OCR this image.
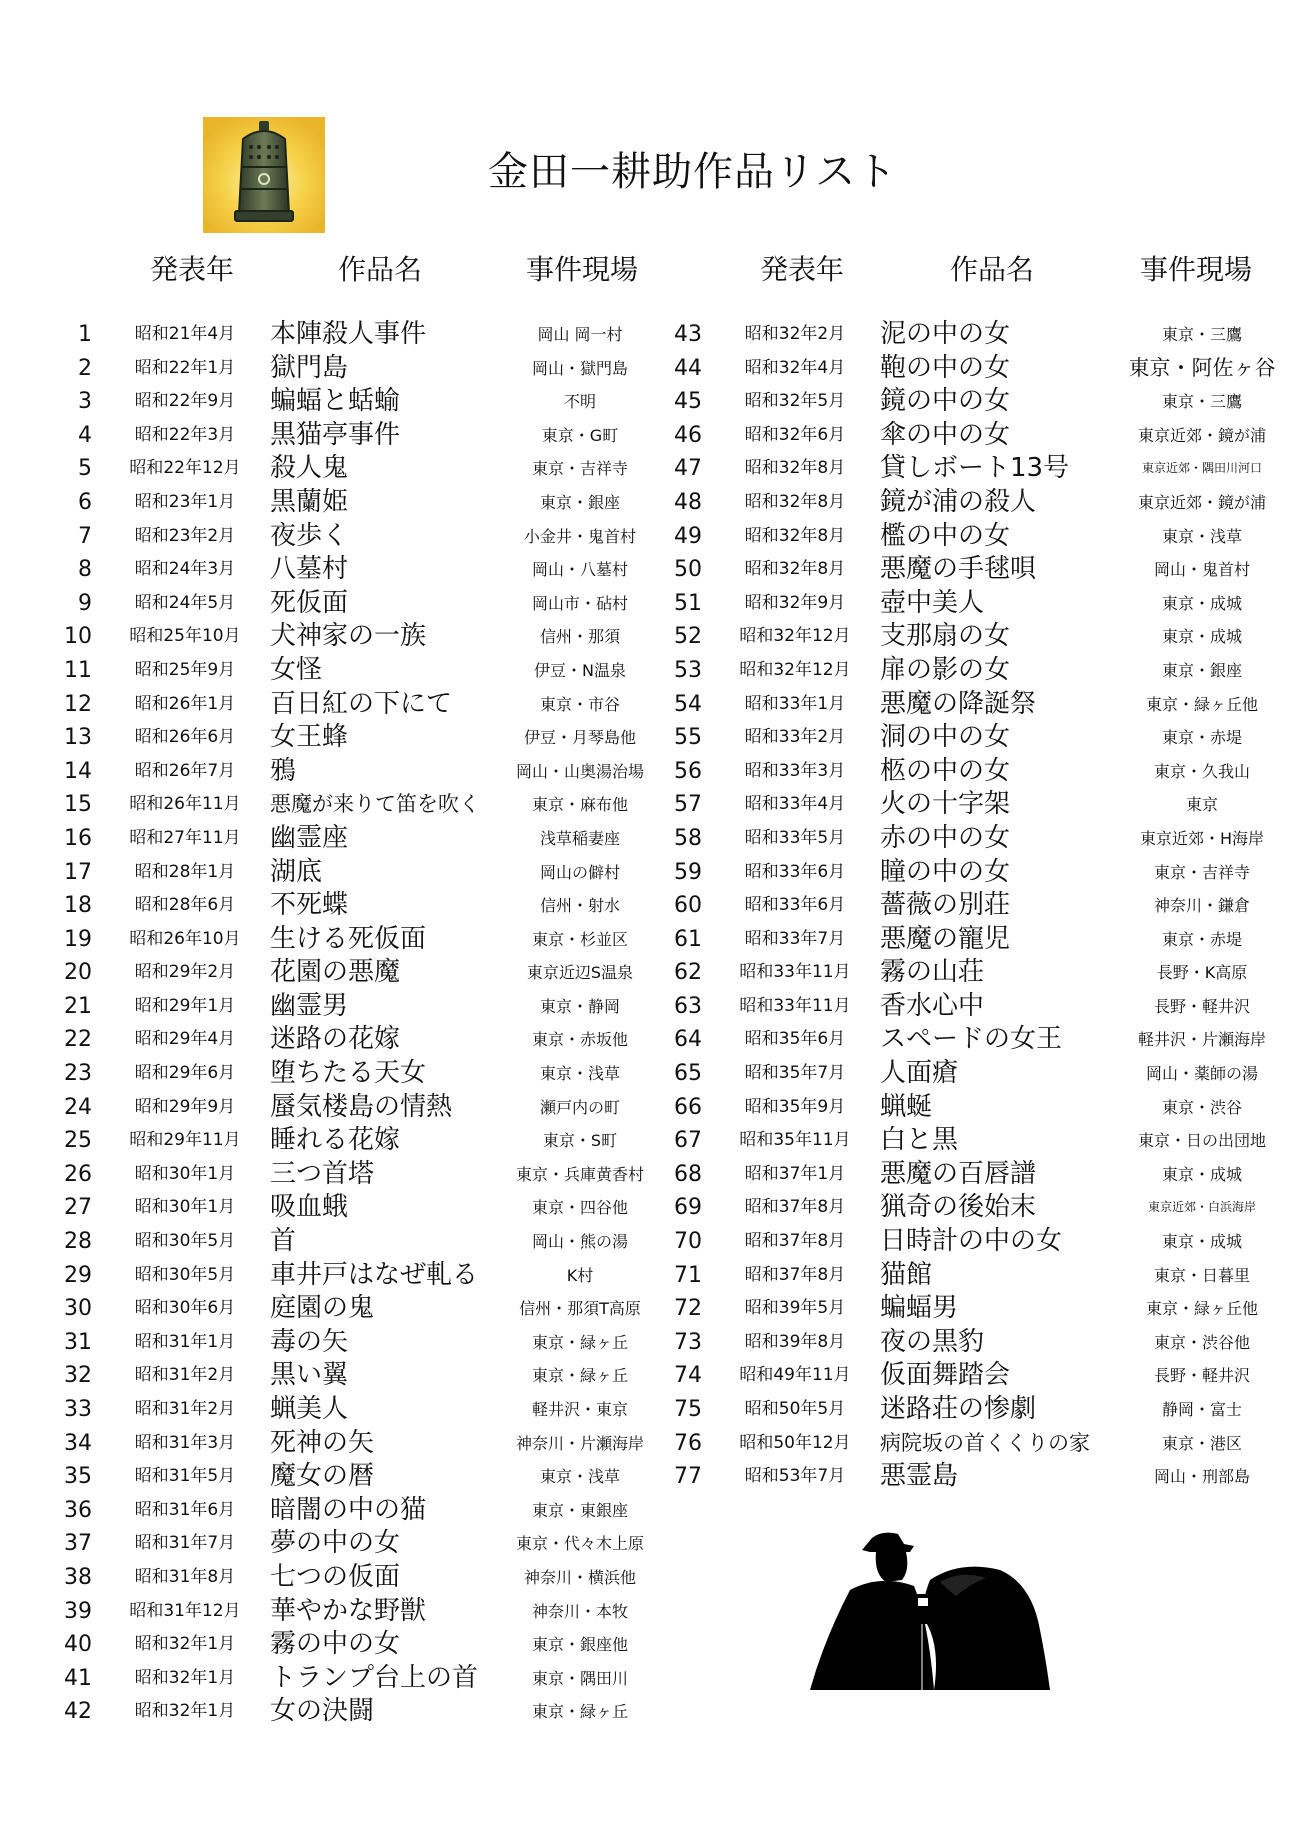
金田一耕助作品リスト
発表年	作品名	事件現場	発表年	作品名	事件現場
1	昭和21年4月	本陣殺人事件	岡山 岡一村
2	昭和22年1月	獄門島	岡山・獄門島
3	昭和22年9月	蝙蝠と蛞蝓	不明
4	昭和22年3月	黒猫亭事件	東京・G町
5	昭和22年12月	殺人鬼	東京・吉祥寺
6	昭和23年1月	黒蘭姫	東京・銀座
7	昭和23年2月	夜歩く	小金井・鬼首村
8	昭和24年3月	八墓村	岡山・八墓村
9	昭和24年5月	死仮面	岡山市・砧村
10	昭和25年10月	犬神家の一族	信州・那須
11	昭和25年9月	女怪	伊豆・N温泉
12	昭和26年1月	百日紅の下にて	東京・市谷
13	昭和26年6月	女王蜂	伊豆・月琴島他
14	昭和26年7月	鴉	岡山・山奥湯治場
15	昭和26年11月	悪魔が来りて笛を吹く	東京・麻布他
16	昭和27年11月	幽霊座	浅草稲妻座
17	昭和28年1月	湖底	岡山の僻村
18	昭和28年6月	不死蝶	信州・射水
19	昭和26年10月	生ける死仮面	東京・杉並区
20	昭和29年2月	花園の悪魔	東京近辺S温泉
21	昭和29年1月	幽霊男	東京・静岡
22	昭和29年4月	迷路の花嫁	東京・赤坂他
23	昭和29年6月	堕ちたる天女	東京・浅草
24	昭和29年9月	蜃気楼島の情熱	瀬戸内の町
25	昭和29年11月	睡れる花嫁	東京・S町
26	昭和30年1月	三つ首塔	東京・兵庫黄香村
27	昭和30年1月	吸血蛾	東京・四谷他
28	昭和30年5月	首	岡山・熊の湯
29	昭和30年5月	車井戸はなぜ軋る	K村
30	昭和30年6月	庭園の鬼	信州・那須T高原
31	昭和31年1月	毒の矢	東京・緑ヶ丘
32	昭和31年2月	黒い翼	東京・緑ヶ丘
33	昭和31年2月	蝋美人	軽井沢・東京
34	昭和31年3月	死神の矢	神奈川・片瀬海岸
35	昭和31年5月	魔女の暦	東京・浅草
36	昭和31年6月	暗闇の中の猫	東京・東銀座
37	昭和31年7月	夢の中の女	東京・代々木上原
38	昭和31年8月	七つの仮面	神奈川・横浜他
39	昭和31年12月	華やかな野獣	神奈川・本牧
40	昭和32年1月	霧の中の女	東京・銀座他
41	昭和32年1月	トランプ台上の首	東京・隅田川
42	昭和32年1月	女の決闘	東京・緑ヶ丘
43	昭和32年2月	泥の中の女	東京・三鷹
44	昭和32年4月	鞄の中の女	東京・阿佐ヶ谷
45	昭和32年5月	鏡の中の女	東京・三鷹
46	昭和32年6月	傘の中の女	東京近郊・鏡が浦
47	昭和32年8月	貸しボート13号	東京近郊・隅田川河口
48	昭和32年8月	鏡が浦の殺人	東京近郊・鏡が浦
49	昭和32年8月	檻の中の女	東京・浅草
50	昭和32年8月	悪魔の手毬唄	岡山・鬼首村
51	昭和32年9月	壺中美人	東京・成城
52	昭和32年12月	支那扇の女	東京・成城
53	昭和32年12月	扉の影の女	東京・銀座
54	昭和33年1月	悪魔の降誕祭	東京・緑ヶ丘他
55	昭和33年2月	洞の中の女	東京・赤堤
56	昭和33年3月	柩の中の女	東京・久我山
57	昭和33年4月	火の十字架	東京
58	昭和33年5月	赤の中の女	東京近郊・H海岸
59	昭和33年6月	瞳の中の女	東京・吉祥寺
60	昭和33年6月	薔薇の別荘	神奈川・鎌倉
61	昭和33年7月	悪魔の寵児	東京・赤堤
62	昭和33年11月	霧の山荘	長野・K高原
63	昭和33年11月	香水心中	長野・軽井沢
64	昭和35年6月	スペードの女王	軽井沢・片瀬海岸
65	昭和35年7月	人面瘡	岡山・薬師の湯
66	昭和35年9月	蝋蜒	東京・渋谷
67	昭和35年11月	白と黒	東京・日の出団地
68	昭和37年1月	悪魔の百唇譜	東京・成城
69	昭和37年8月	猟奇の後始末	東京近郊・白浜海岸
70	昭和37年8月	日時計の中の女	東京・成城
71	昭和37年8月	猫館	東京・日暮里
72	昭和39年5月	蝙蝠男	東京・緑ヶ丘他
73	昭和39年8月	夜の黒豹	東京・渋谷他
74	昭和49年11月	仮面舞踏会	長野・軽井沢
75	昭和50年5月	迷路荘の惨劇	静岡・富士
76	昭和50年12月	病院坂の首くくりの家	東京・港区
77	昭和53年7月	悪霊島	岡山・刑部島
